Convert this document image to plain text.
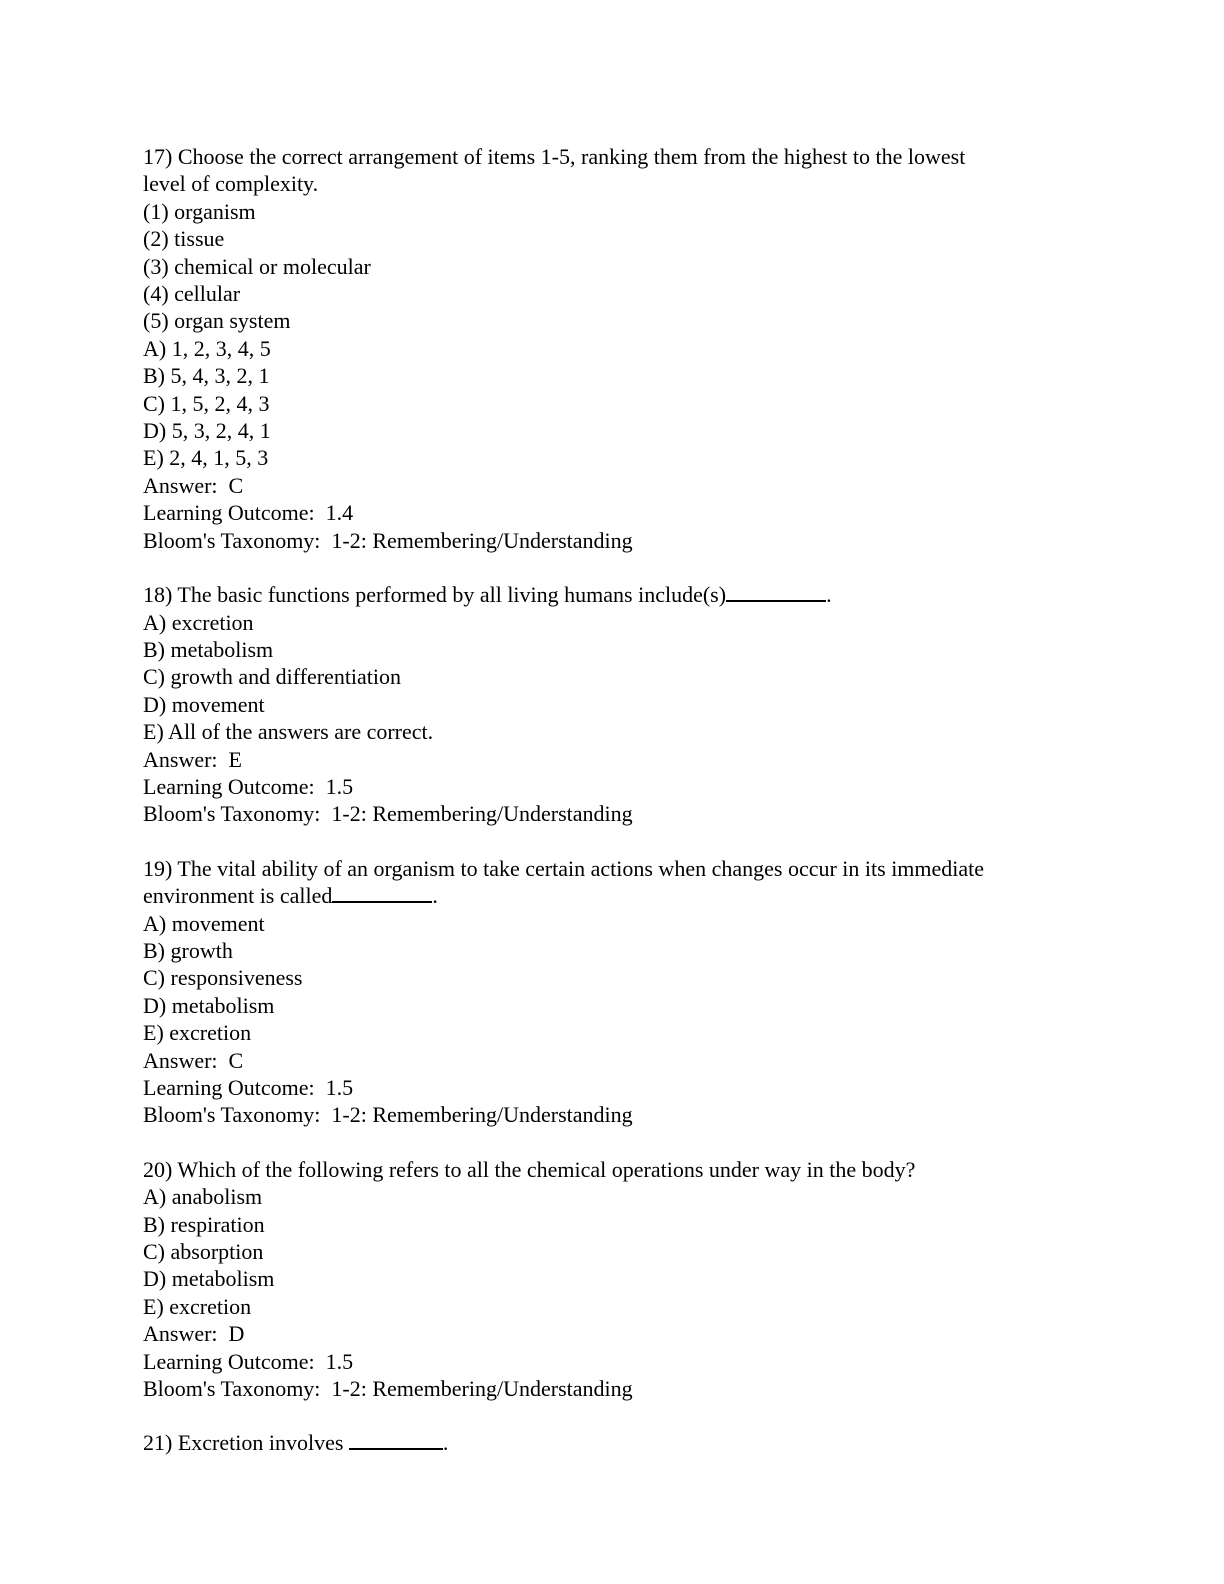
17) Choose the correct arrangement of items 1-5, ranking them from the highest to the lowest
level of complexity.
(1) organism
(2) tissue
(3) chemical or molecular
(4) cellular
(5) organ system
A) 1, 2, 3, 4, 5
B) 5, 4, 3, 2, 1
C) 1, 5, 2, 4, 3
D) 5, 3, 2, 4, 1
E) 2, 4, 1, 5, 3
Answer:  C
Learning Outcome:  1.4
Bloom's Taxonomy:  1-2: Remembering/Understanding
18) The basic functions performed by all living humans include(s)	.
A) excretion
B) metabolism
C) growth and differentiation
D) movement
E) All of the answers are correct.
Answer:  E
Learning Outcome:  1.5
Bloom's Taxonomy:  1-2: Remembering/Understanding
19) The vital ability of an organism to take certain actions when changes occur in its immediate
environment is called	.
A) movement
B) growth
C) responsiveness
D) metabolism
E) excretion
Answer:  C
Learning Outcome:  1.5
Bloom's Taxonomy:  1-2: Remembering/Understanding
20) Which of the following refers to all the chemical operations under way in the body?
A) anabolism
B) respiration
C) absorption
D) metabolism
E) excretion
Answer:  D
Learning Outcome:  1.5
Bloom's Taxonomy:  1-2: Remembering/Understanding
21) Excretion involves	.
